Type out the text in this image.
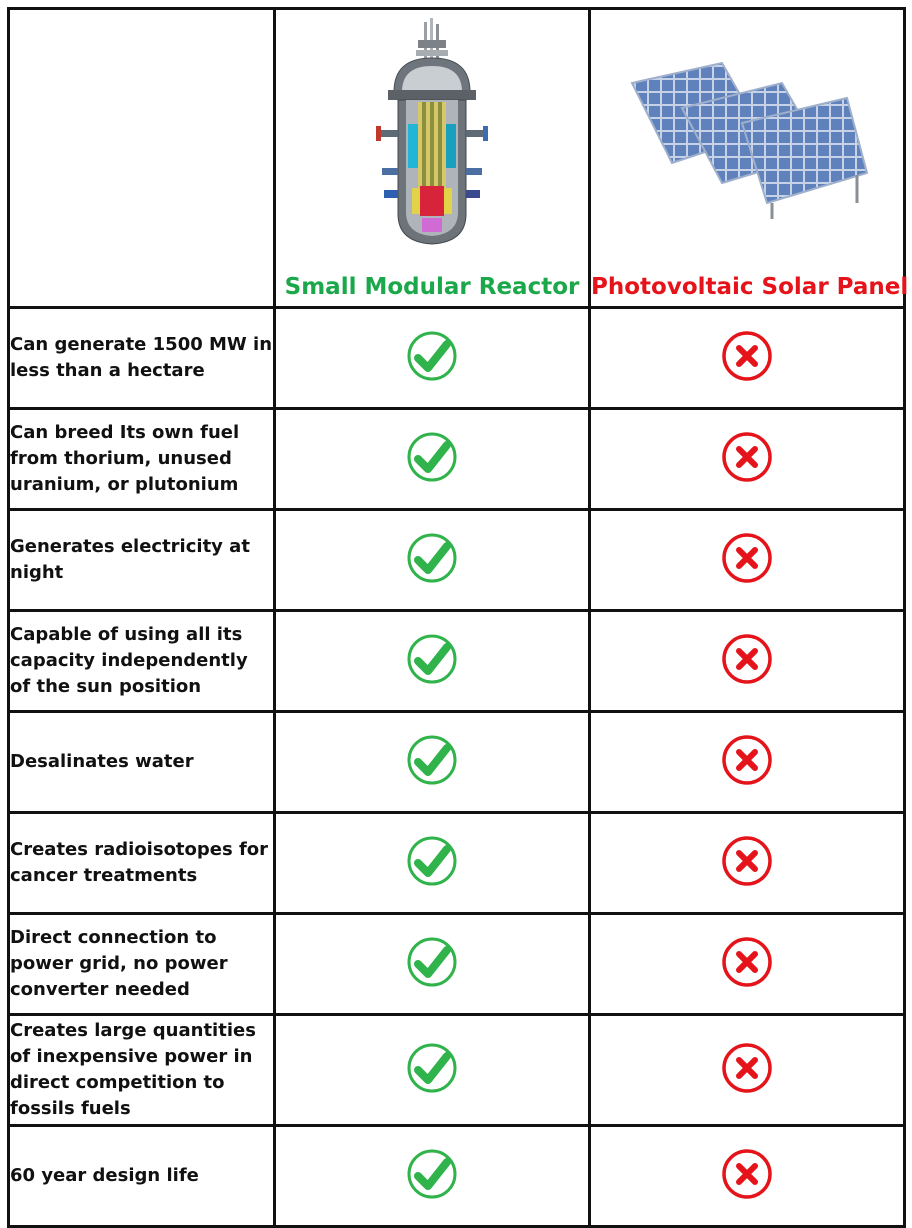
	Small Modular Reactor	Photovoltaic Solar Panel

Can generate 1500 MW in less than a hectare		
Can breed Its own fuel from thorium, unused uranium, or plutonium		
Generates electricity at night		
Capable of using all its capacity independently of the sun position		
Desalinates water		
Creates radioisotopes for cancer treatments		
Direct connection to power grid, no power converter needed		
Creates large quantities of inexpensive power in direct competition to fossils fuels		
60 year design life		
